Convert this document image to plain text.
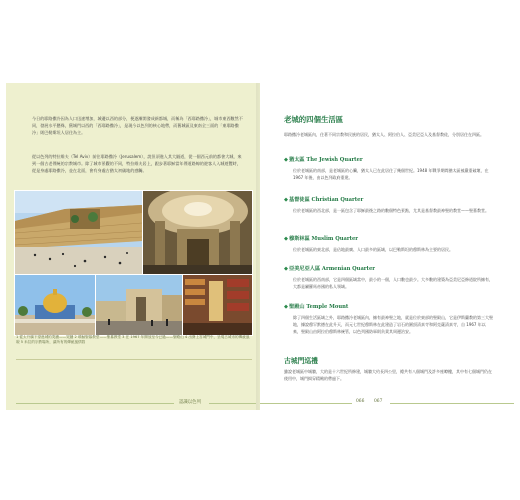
今日的耶路撒冷因為人口迅速增加，城邊以西的部分，便逐漸開發成新都城，而稱為「西耶路撒冷」，城市東西數然不同，發展水平懸殊，舊城門以西的「西耶路撒冷」，是現今以色列的核心地帶，而舊城區及東南全三面的「東耶路撒冷」則巴勒斯坦人居住為主。

從以色列的特拉維夫（Tel Aviv）前往耶路撒冷（Jerusalem），說但須進入其大隧道，從一個西元前的都會大城，來到一個古老傳統的宗教城市。除了城市景觀的不同，特拉維夫居上，跟步著耶穌當年傳道路線的遊客人入城遊覽時，從是身處耶路撒冷，並在北面，會有身處古猶太初儀地的感觸。

1 從太升橋下望進城的哭牆——哭牆 2 耶穌聖墓教堂——聖墓教堂 3 在 1967 年開放至今已過——聖殿山 4 出發上宮城門中，呈現古城市的傳統風貌 5 米拉的宗教場所，讓所有的傳統風情寫
認識以色列
老城的四個生活區

耶路撒冷老城區內，住著不同宗教和民族的居民，猶太人、阿拉伯人、亞美尼亞人及基督教徒，分別居住在四區。

◆猶太區 The Jewish Quarter

位於老城區的南部，是老城區的心臟，猶太人已在此居住了幾個世紀。1948 年戰爭期間猶太區被嚴重破壞，在 1967 年後，由以色列政府重建。

◆基督徒區 Christian Quarter

位於老城區的西北部，是一區包含了耶穌最後之路的數個特色景點，尤其是基督教最神聖的教堂——聖墓教堂。

◆穆斯林區 Muslim Quarter

位於老城區的東北部，是佔地最廣、人口最多的區域，以巴勒斯坦的穆斯林為主要的居民。

◆亞美尼亞人區 Armenian Quarter

位於老城區的西南部，它是四個區域當中，最小的一個，人口數也最少。大多數的建築為亞美尼亞修道院所擁有，大都是屬羅馬帝國的私人領域。

◆聖殿山 Temple Mount

除了四個生活區域之外，耶路撒冷老城區內，擁有最神聖之地，就是位於東部的聖殿山，它是伊斯蘭教的第三大聖地，據說穆罕默德在此升天，而元七世紀穆斯林在此建造了岩石的圓頂清真寺和阿克薩清真寺，自 1967 年以來，聖殿山由阿拉伯穆斯林統管，以色列國防軍則負責其周邊治安。

古城門巡禮

雖說老城區中城牆，大的是十六世紀所修建，城牆大約長四公里，總共有八個城門及許多座瞭樓，其中有七個城門仍在使用中，城門揭穿精緻的帶過下。

066 067
